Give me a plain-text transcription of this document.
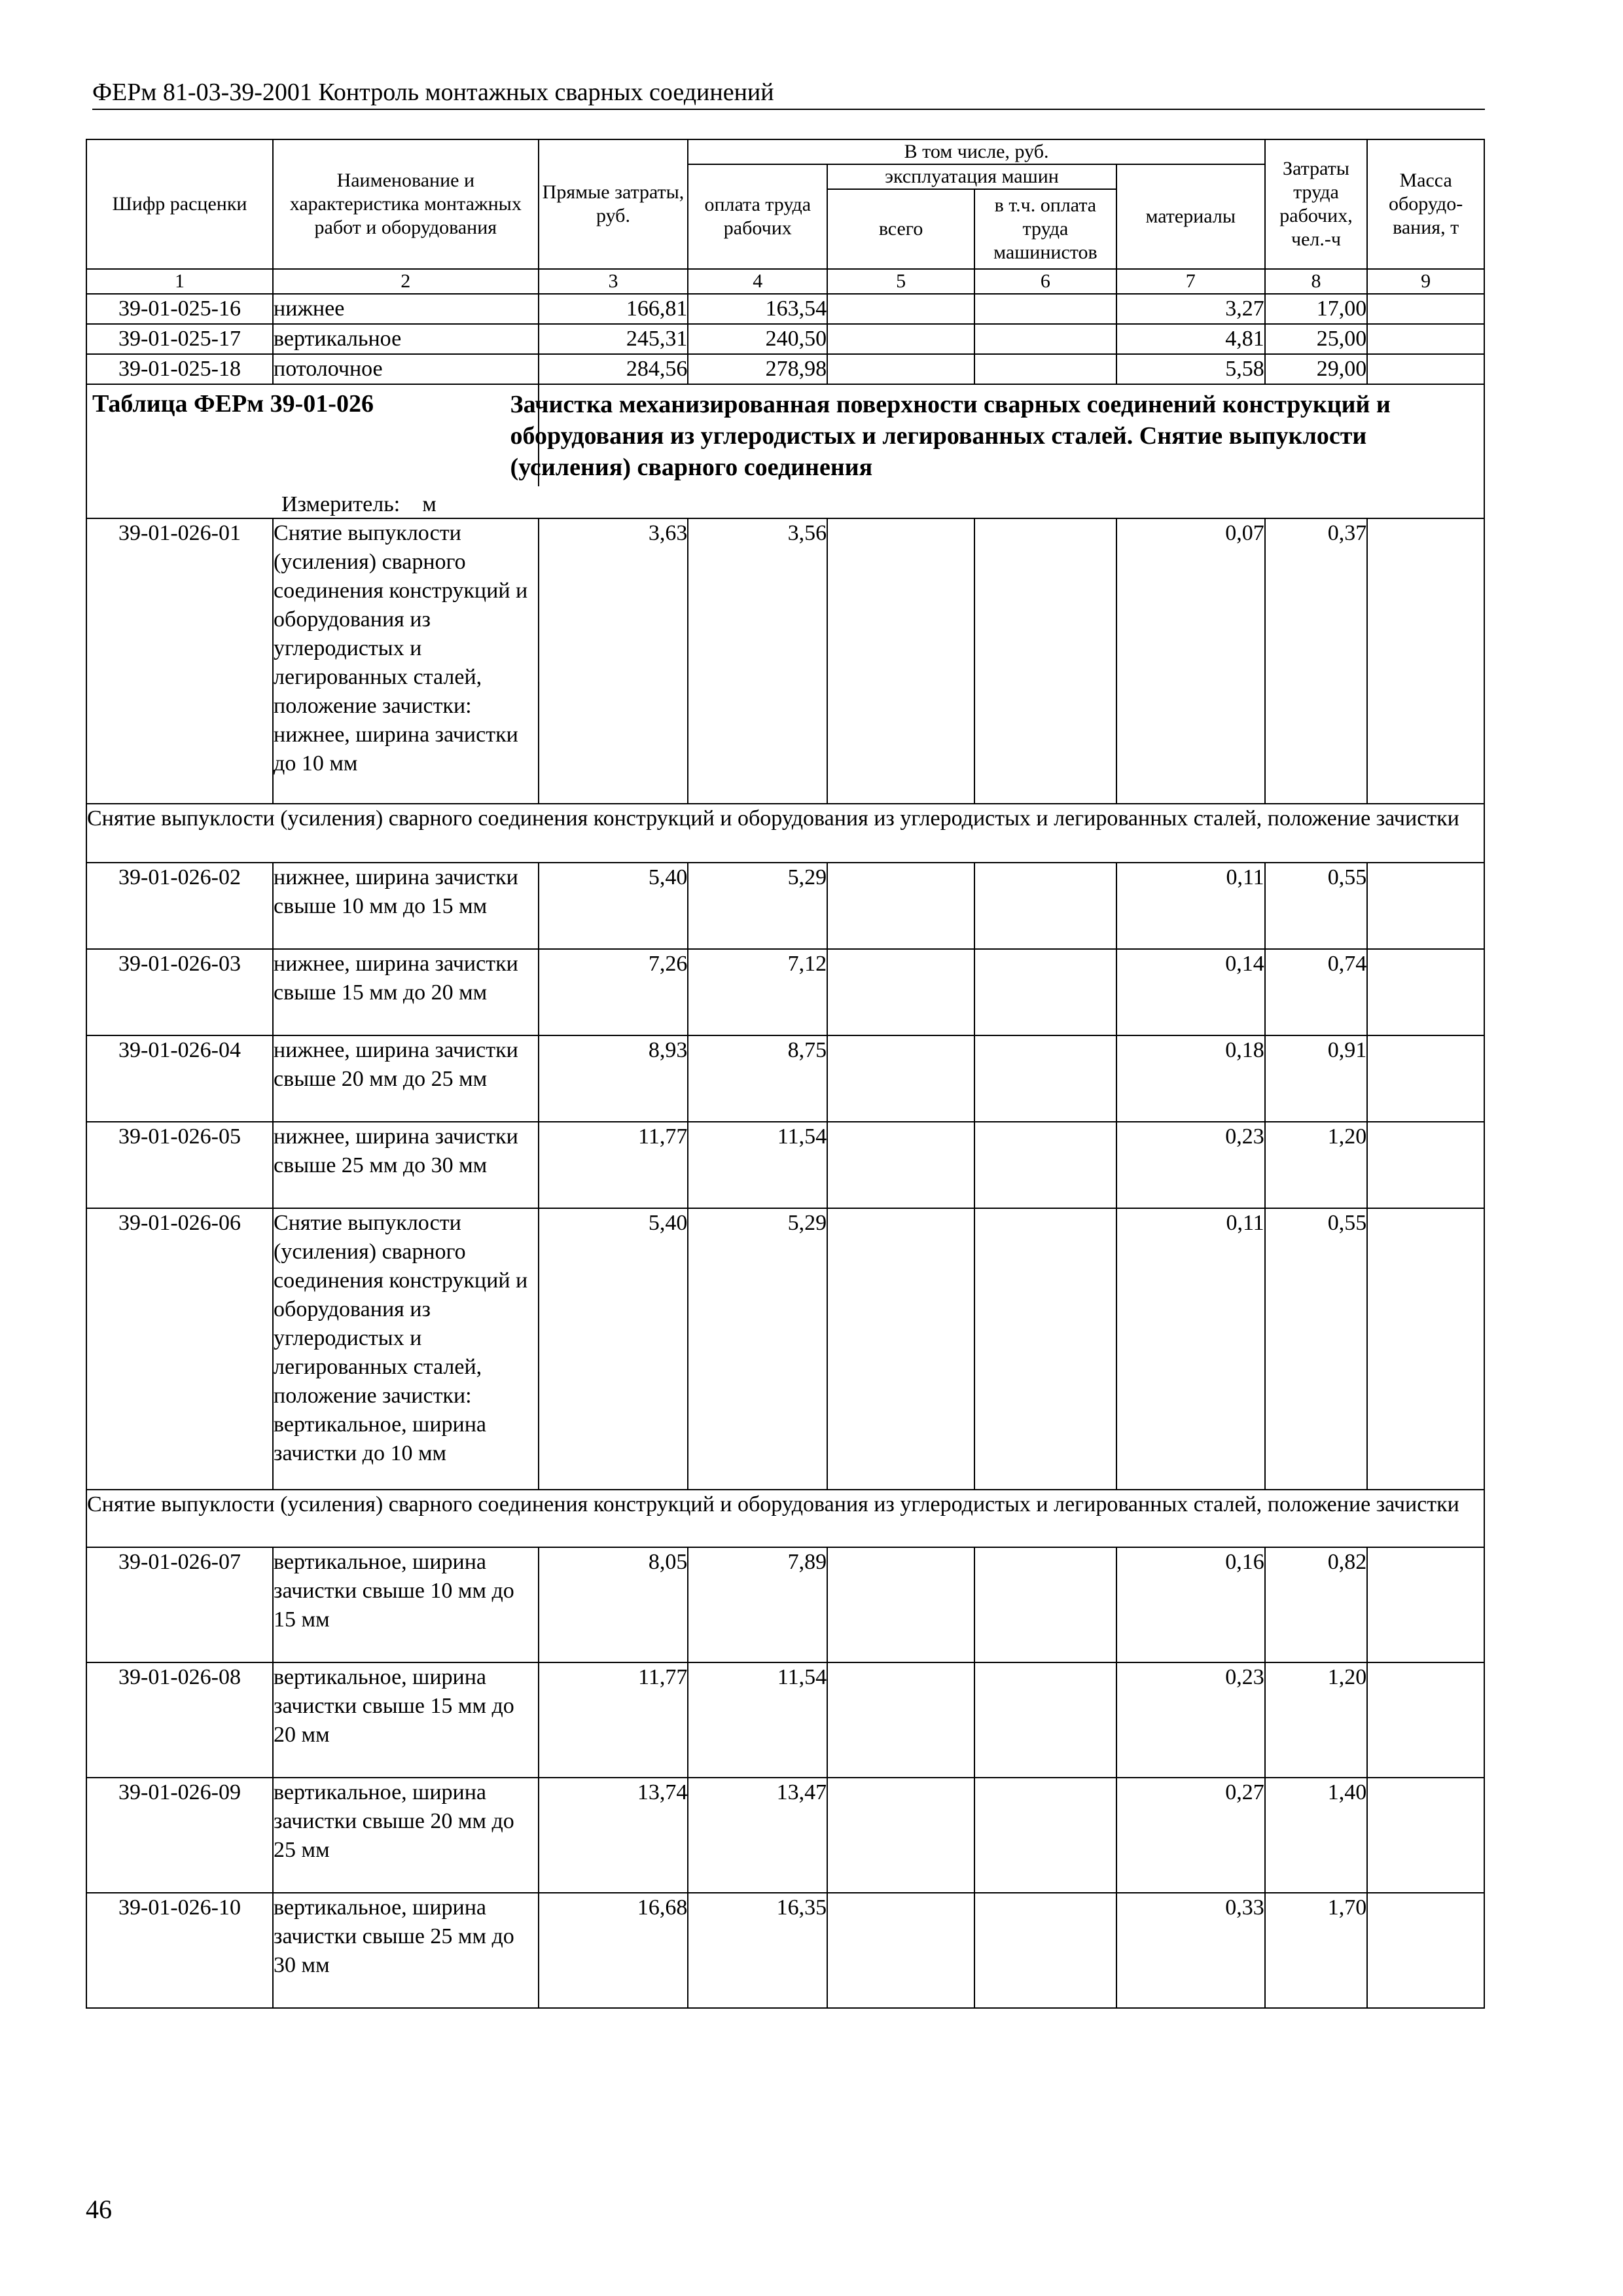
ФЕРм 81-03-39-2001 Контроль монтажных сварных соединений
Шифр расценки	Наименование и характеристика монтажных работ и оборудования	Прямые затраты, руб.	В том числе, руб.				Затраты труда рабочих, чел.-ч	Масса оборудо-вания, т
			оплата труда рабочих	эксплуатация машин		материалы		
				всего	в т.ч. оплата труда машинистов			
1	2	3	4	5	6	7	8	9
39-01-025-16	нижнее	166,81	163,54			3,27	17,00	
39-01-025-17	вертикальное	245,31	240,50			4,81	25,00	
39-01-025-18	потолочное	284,56	278,98			5,58	29,00	

Таблица ФЕРм 39-01-026		Зачистка механизированная поверхности сварных соединений конструкций и оборудования из углеродистых и легированных сталей. Снятие выпуклости (усиления) сварного соединения						

Измеритель: м								

39-01-026-01	Снятие выпуклости (усиления) сварного соединения конструкций и оборудования из углеродистых и легированных сталей, положение зачистки: нижнее, ширина зачистки до 10 мм	3,63	3,56			0,07	0,37	
Снятие выпуклости (усиления) сварного соединения конструкций и оборудования из углеродистых и легированных сталей, положение зачистки								
39-01-026-02	нижнее, ширина зачистки свыше 10 мм до 15 мм	5,40	5,29			0,11	0,55	
39-01-026-03	нижнее, ширина зачистки свыше 15 мм до 20 мм	7,26	7,12			0,14	0,74	
39-01-026-04	нижнее, ширина зачистки свыше 20 мм до 25 мм	8,93	8,75			0,18	0,91	
39-01-026-05	нижнее, ширина зачистки свыше 25 мм до 30 мм	11,77	11,54			0,23	1,20	
39-01-026-06	Снятие выпуклости (усиления) сварного соединения конструкций и оборудования из углеродистых и легированных сталей, положение зачистки: вертикальное, ширина зачистки до 10 мм	5,40	5,29			0,11	0,55	
Снятие выпуклости (усиления) сварного соединения конструкций и оборудования из углеродистых и легированных сталей, положение зачистки								
39-01-026-07	вертикальное, ширина зачистки свыше 10 мм до 15 мм	8,05	7,89			0,16	0,82	
39-01-026-08	вертикальное, ширина зачистки свыше 15 мм до 20 мм	11,77	11,54			0,23	1,20	
39-01-026-09	вертикальное, ширина зачистки свыше 20 мм до 25 мм	13,74	13,47			0,27	1,40	
39-01-026-10	вертикальное, ширина зачистки свыше 25 мм до 30 мм	16,68	16,35			0,33	1,70	
46
